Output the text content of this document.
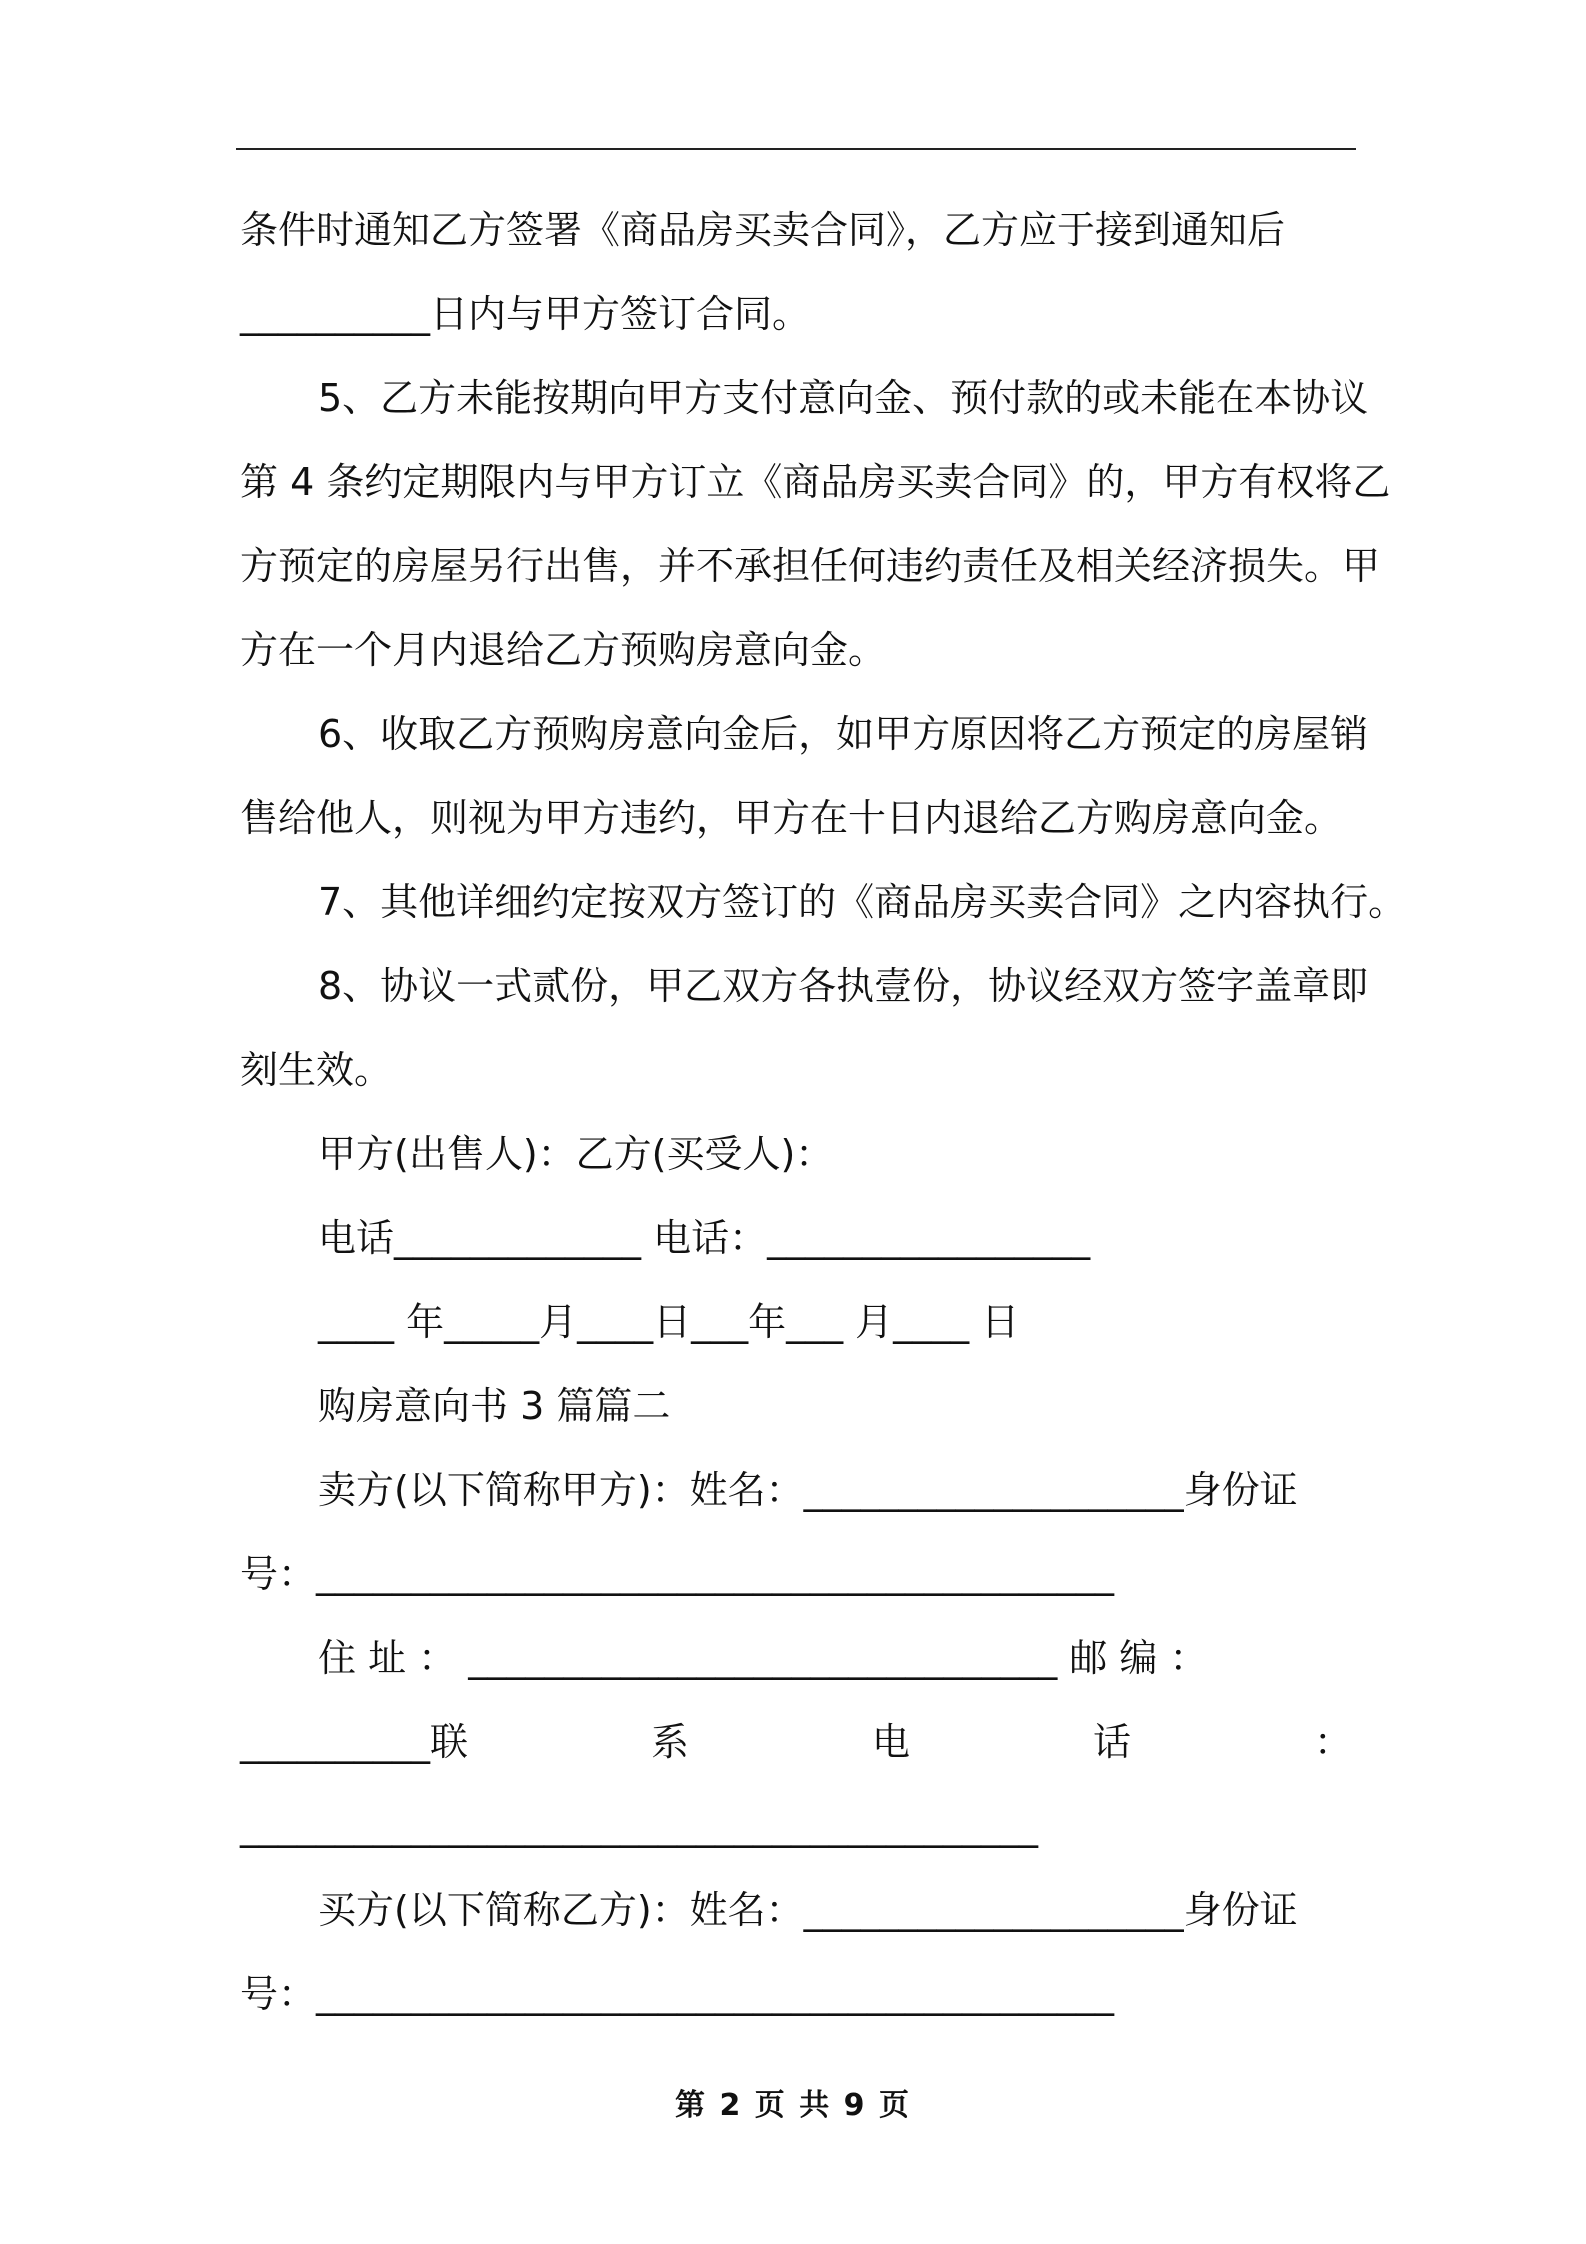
条件时通知乙方签署《商品房买卖合同》，乙方应于接到通知后
__________日内与甲方签订合同。
5、乙方未能按期向甲方支付意向金、预付款的或未能在本协议
第 4 条约定期限内与甲方订立《商品房买卖合同》的，甲方有权将乙
方预定的房屋另行出售，并不承担任何违约责任及相关经济损失。甲
方在一个月内退给乙方预购房意向金。
6、收取乙方预购房意向金后，如甲方原因将乙方预定的房屋销
售给他人，则视为甲方违约，甲方在十日内退给乙方购房意向金。
7、其他详细约定按双方签订的《商品房买卖合同》之内容执行。
8、协议一式贰份，甲乙双方各执壹份，协议经双方签字盖章即
刻生效。
甲方(出售人)：乙方(买受人)：
电话_____________ 电话：_________________
____ 年_____月____日___年___ 月____ 日
购房意向书 3 篇篇二
卖方(以下简称甲方)：姓名：____________________身份证
号：__________________________________________
住 址 ： _______________________________ 邮 编 ：
__________联	系	电	话	：
__________________________________________
买方(以下简称乙方)：姓名：____________________身份证
号：__________________________________________
第 2 页 共 9 页
